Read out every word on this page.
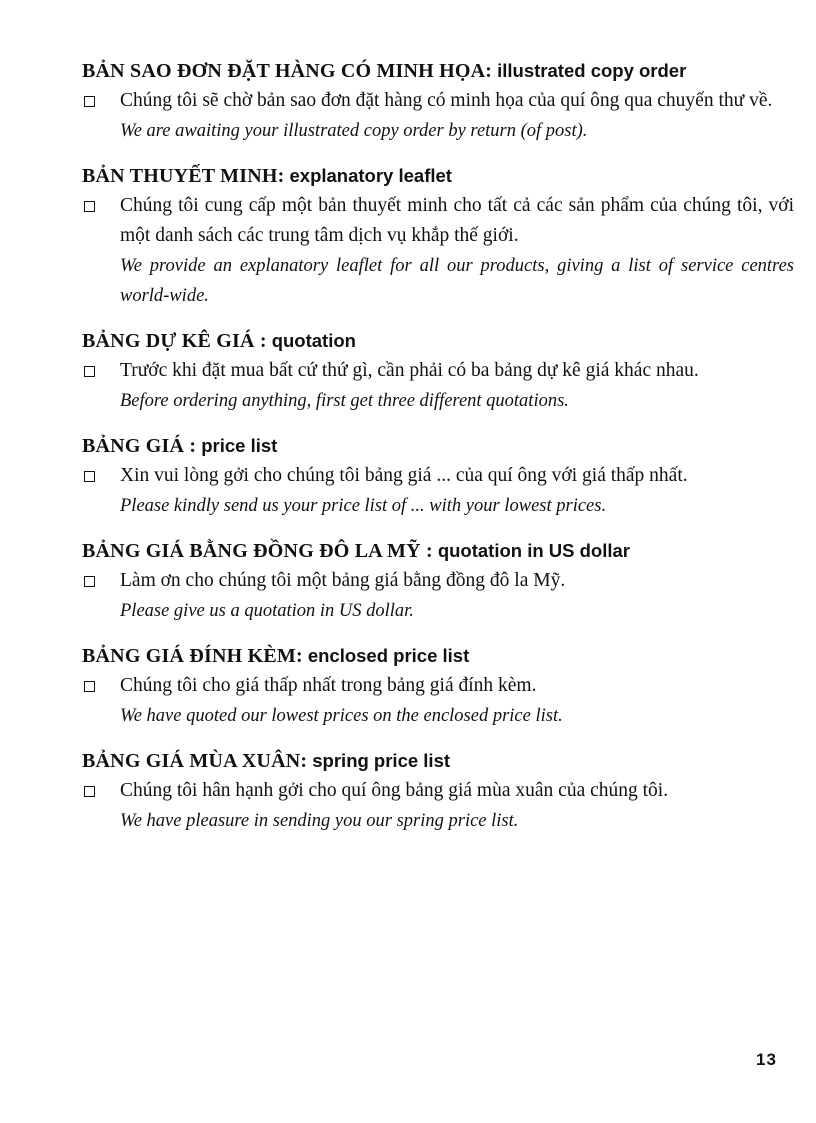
BẢN SAO ĐƠN ĐẶT HÀNG CÓ MINH HỌA: illustrated copy order
Chúng tôi sẽ chờ bản sao đơn đặt hàng có minh họa của quí ông qua chuyến thư về.
We are awaiting your illustrated copy order by return (of post).
BẢN THUYẾT MINH: explanatory leaflet
Chúng tôi cung cấp một bản thuyết minh cho tất cả các sản phẩm của chúng tôi, với một danh sách các trung tâm dịch vụ khắp thế giới.
We provide an explanatory leaflet for all our products, giving a list of service centres world-wide.
BẢNG DỰ KÊ GIÁ : quotation
Trước khi đặt mua bất cứ thứ gì, cần phải có ba bảng dự kê giá khác nhau.
Before ordering anything, first get three different quotations.
BẢNG GIÁ : price list
Xin vui lòng gởi cho chúng tôi bảng giá ... của quí ông với giá thấp nhất.
Please kindly send us your price list of ... with your lowest prices.
BẢNG GIÁ BẰNG ĐỒNG ĐÔ LA MỸ : quotation in US dollar
Làm ơn cho chúng tôi một bảng giá bằng đồng đô la Mỹ.
Please give us a quotation in US dollar.
BẢNG GIÁ ĐÍNH KÈM: enclosed price list
Chúng tôi cho giá thấp nhất trong bảng giá đính kèm.
We have quoted our lowest prices on the enclosed price list.
BẢNG GIÁ MÙA XUÂN: spring price list
Chúng tôi hân hạnh gởi cho quí ông bảng giá mùa xuân của chúng tôi.
We have pleasure in sending you our spring price list.
13
